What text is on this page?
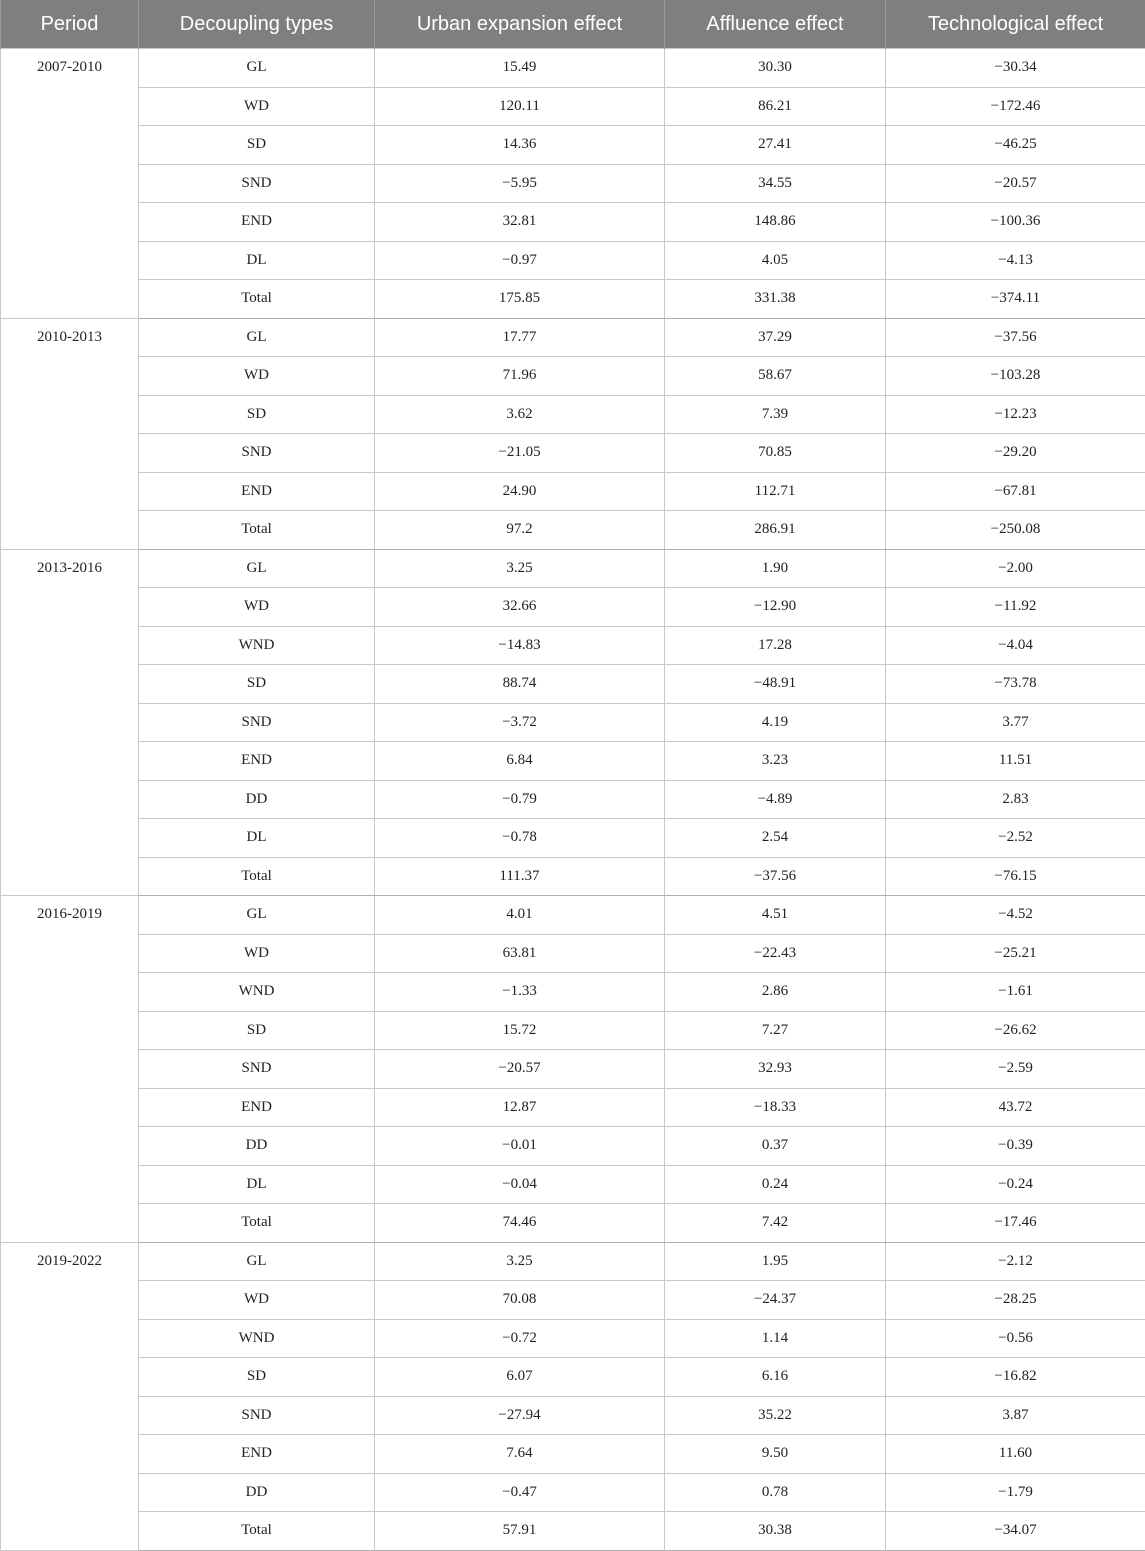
Period	Decoupling types	Urban expansion effect	Affluence effect	Technological effect
2007-2010	GL	15.49	30.30	−30.34
	WD	120.11	86.21	−172.46
	SD	14.36	27.41	−46.25
	SND	−5.95	34.55	−20.57
	END	32.81	148.86	−100.36
	DL	−0.97	4.05	−4.13
	Total	175.85	331.38	−374.11
2010-2013	GL	17.77	37.29	−37.56
	WD	71.96	58.67	−103.28
	SD	3.62	7.39	−12.23
	SND	−21.05	70.85	−29.20
	END	24.90	112.71	−67.81
	Total	97.2	286.91	−250.08
2013-2016	GL	3.25	1.90	−2.00
	WD	32.66	−12.90	−11.92
	WND	−14.83	17.28	−4.04
	SD	88.74	−48.91	−73.78
	SND	−3.72	4.19	3.77
	END	6.84	3.23	11.51
	DD	−0.79	−4.89	2.83
	DL	−0.78	2.54	−2.52
	Total	111.37	−37.56	−76.15
2016-2019	GL	4.01	4.51	−4.52
	WD	63.81	−22.43	−25.21
	WND	−1.33	2.86	−1.61
	SD	15.72	7.27	−26.62
	SND	−20.57	32.93	−2.59
	END	12.87	−18.33	43.72
	DD	−0.01	0.37	−0.39
	DL	−0.04	0.24	−0.24
	Total	74.46	7.42	−17.46
2019-2022	GL	3.25	1.95	−2.12
	WD	70.08	−24.37	−28.25
	WND	−0.72	1.14	−0.56
	SD	6.07	6.16	−16.82
	SND	−27.94	35.22	3.87
	END	7.64	9.50	11.60
	DD	−0.47	0.78	−1.79
	Total	57.91	30.38	−34.07
